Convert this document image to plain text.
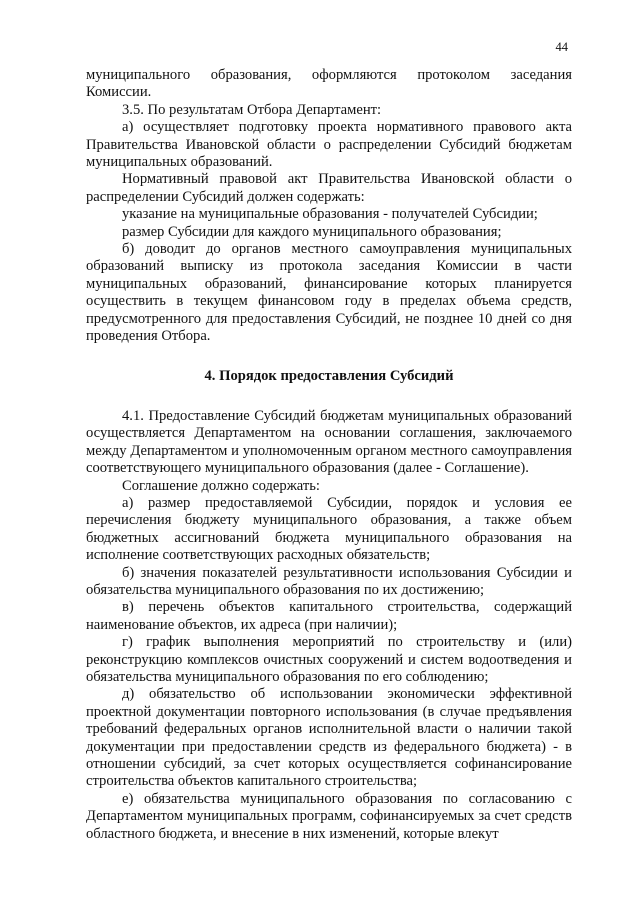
44

муниципального образования, оформляются протоколом заседания Комиссии.

3.5. По результатам Отбора Департамент:

а) осуществляет подготовку проекта нормативного правового акта Правительства Ивановской области о распределении Субсидий бюджетам муниципальных образований.

Нормативный правовой акт Правительства Ивановской области о распределении Субсидий должен содержать:

указание на муниципальные образования - получателей Субсидии;

размер Субсидии для каждого муниципального образования;

б) доводит до органов местного самоуправления муниципальных образований выписку из протокола заседания Комиссии в части муниципальных образований, финансирование которых планируется осуществить в текущем финансовом году в пределах объема средств, предусмотренного для предоставления Субсидий, не позднее 10 дней со дня проведения Отбора.

4. Порядок предоставления Субсидий

4.1. Предоставление Субсидий бюджетам муниципальных образований осуществляется Департаментом на основании соглашения, заключаемого между Департаментом и уполномоченным органом местного самоуправления соответствующего муниципального образования (далее - Соглашение).

Соглашение должно содержать:

а) размер предоставляемой Субсидии, порядок и условия ее перечисления бюджету муниципального образования, а также объем бюджетных ассигнований бюджета муниципального образования на исполнение соответствующих расходных обязательств;

б) значения показателей результативности использования Субсидии и обязательства муниципального образования по их достижению;

в) перечень объектов капитального строительства, содержащий наименование объектов, их адреса (при наличии);

г) график выполнения мероприятий по строительству и (или) реконструкцию комплексов очистных сооружений и систем водоотведения и обязательства муниципального образования по его соблюдению;

д) обязательство об использовании экономически эффективной проектной документации повторного использования (в случае предъявления требований федеральных органов исполнительной власти о наличии такой документации при предоставлении средств из федерального бюджета) - в отношении субсидий, за счет которых осуществляется софинансирование строительства объектов капитального строительства;

е) обязательства муниципального образования по согласованию с Департаментом муниципальных программ, софинансируемых за счет средств областного бюджета, и внесение в них изменений, которые влекут
